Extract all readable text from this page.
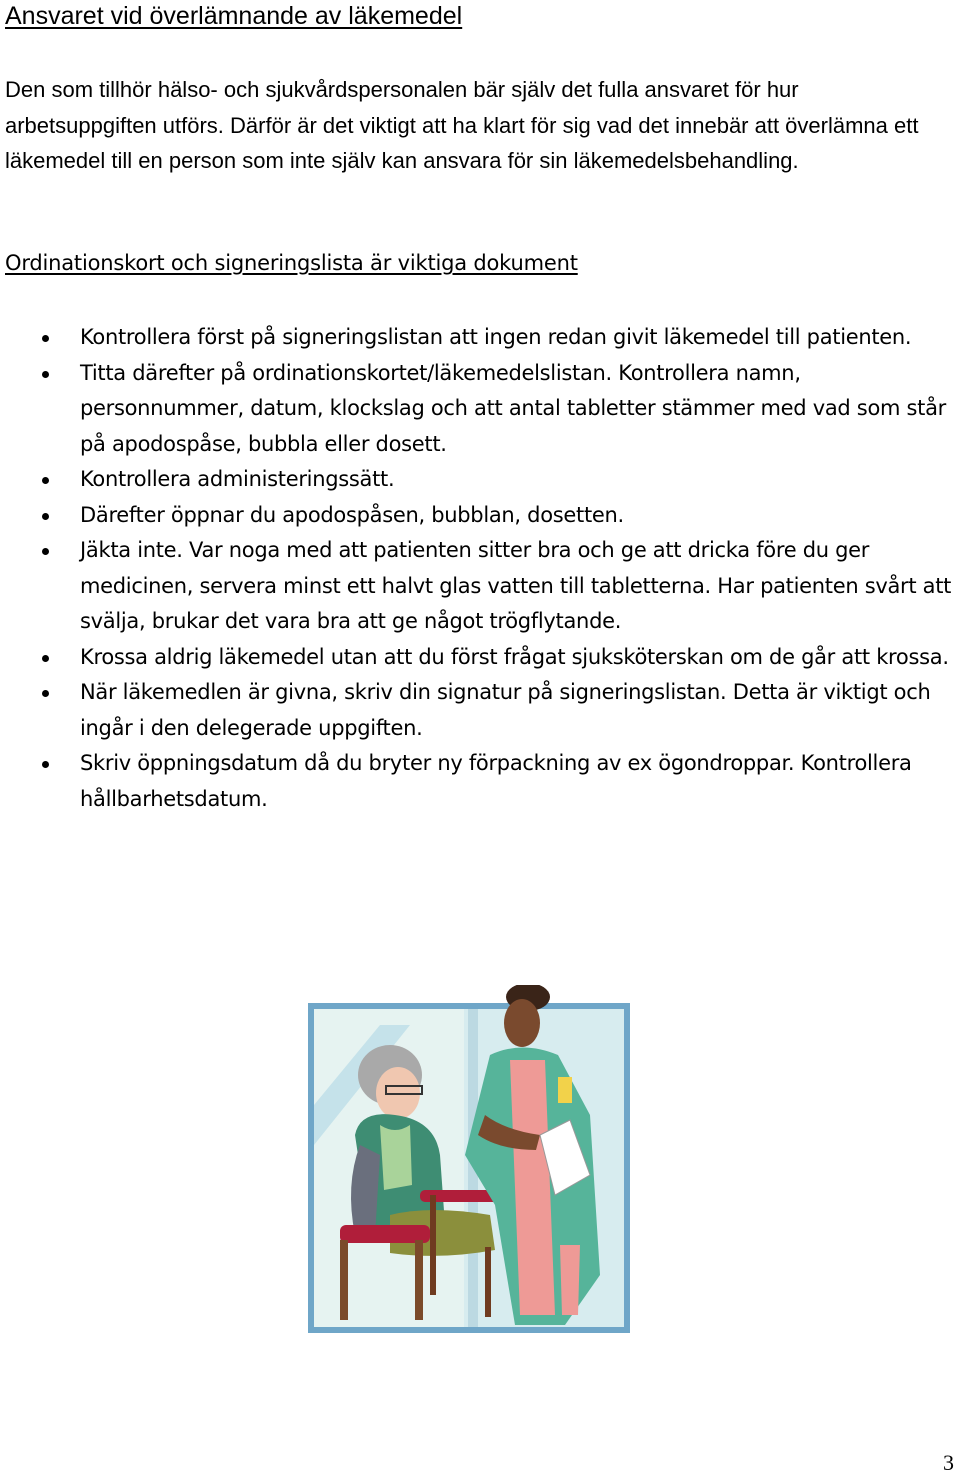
Ansvaret vid överlämnande av läkemedel

Den som tillhör hälso- och sjukvårdspersonalen bär själv det fulla ansvaret för hur arbetsuppgiften utförs. Därför är det viktigt att ha klart för sig vad det innebär att överlämna ett läkemedel till en person som inte själv kan ansvara för sin läkemedelsbehandling.

Ordinationskort och signeringslista är viktiga dokument
Kontrollera först på signeringslistan att ingen redan givit läkemedel till patienten.
Titta därefter på ordinationskortet/läkemedelslistan. Kontrollera namn, personnummer, datum, klockslag och att antal tabletter stämmer med vad som står på apodospåse, bubbla eller dosett.
Kontrollera administeringssätt.
Därefter öppnar du apodospåsen, bubblan, dosetten.
Jäkta inte. Var noga med att patienten sitter bra och ge att dricka före du ger medicinen, servera minst ett halvt glas vatten till tabletterna. Har patienten svårt att svälja, brukar det vara bra att ge något trögflytande.
Krossa aldrig läkemedel utan att du först frågat sjuksköterskan om de går att krossa.
När läkemedlen är givna, skriv din signatur på signeringslistan. Detta är viktigt och ingår i den delegerade uppgiften.
Skriv öppningsdatum då du bryter ny förpackning av ex ögondroppar. Kontrollera hållbarhetsdatum.
3
